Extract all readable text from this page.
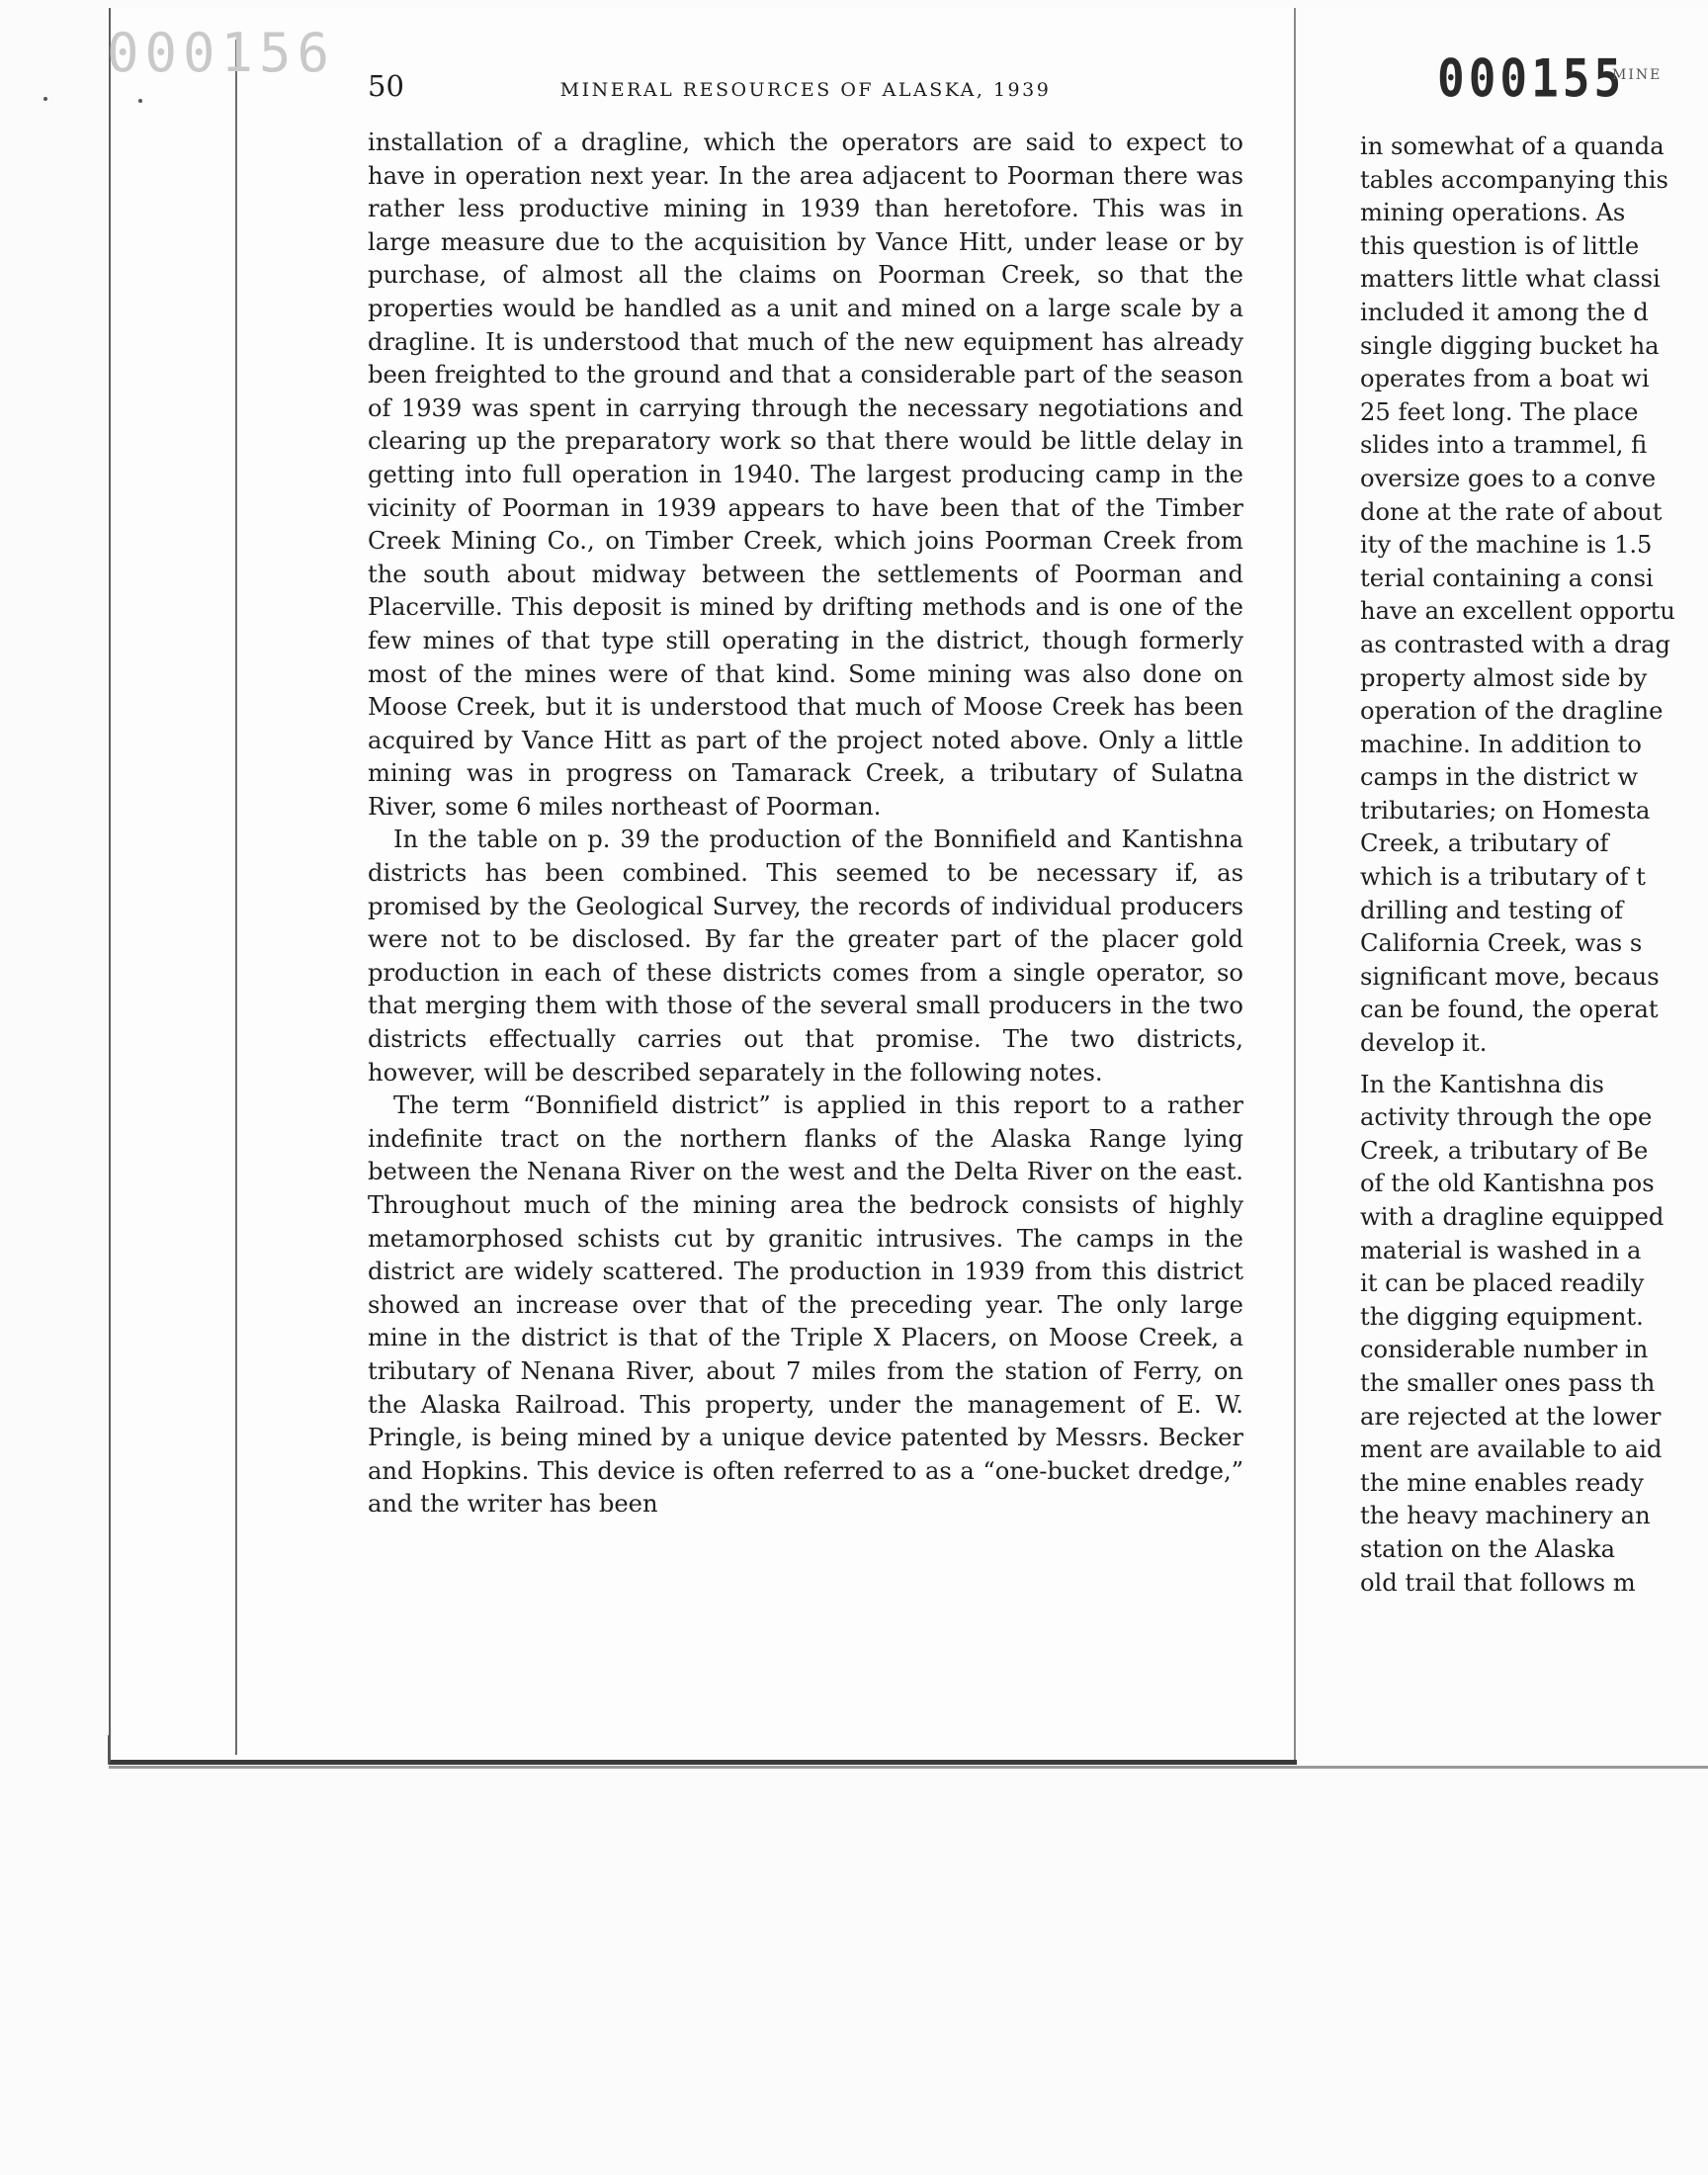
000156
50	MINERAL RESOURCES OF ALASKA, 1939

installation of a dragline, which the operators are said to expect to have in operation next year. In the area adjacent to Poorman there was rather less productive mining in 1939 than heretofore. This was in large measure due to the acquisition by Vance Hitt, under lease or by purchase, of almost all the claims on Poorman Creek, so that the properties would be handled as a unit and mined on a large scale by a dragline. It is understood that much of the new equipment has already been freighted to the ground and that a considerable part of the season of 1939 was spent in carrying through the necessary negotiations and clearing up the preparatory work so that there would be little delay in getting into full operation in 1940. The largest producing camp in the vicinity of Poorman in 1939 appears to have been that of the Timber Creek Mining Co., on Timber Creek, which joins Poorman Creek from the south about midway between the settlements of Poorman and Placerville. This deposit is mined by drifting methods and is one of the few mines of that type still operating in the district, though formerly most of the mines were of that kind. Some mining was also done on Moose Creek, but it is understood that much of Moose Creek has been acquired by Vance Hitt as part of the project noted above. Only a little mining was in progress on Tamarack Creek, a tributary of Sulatna River, some 6 miles northeast of Poorman.

In the table on p. 39 the production of the Bonnifield and Kantishna districts has been combined. This seemed to be necessary if, as promised by the Geological Survey, the records of individual producers were not to be disclosed. By far the greater part of the placer gold production in each of these districts comes from a single operator, so that merging them with those of the several small producers in the two districts effectually carries out that promise. The two districts, however, will be described separately in the following notes.

The term “Bonnifield district” is applied in this report to a rather indefinite tract on the northern flanks of the Alaska Range lying between the Nenana River on the west and the Delta River on the east. Throughout much of the mining area the bedrock consists of highly metamorphosed schists cut by granitic intrusives. The camps in the district are widely scattered. The production in 1939 from this district showed an increase over that of the preceding year. The only large mine in the district is that of the Triple X Placers, on Moose Creek, a tributary of Nenana River, about 7 miles from the station of Ferry, on the Alaska Railroad. This property, under the management of E. W. Pringle, is being mined by a unique device patented by Messrs. Becker and Hopkins. This device is often referred to as a “one-bucket dredge,” and the writer has been

000155
MINE
in somewhat of a quanda
tables accompanying this
mining operations. As
this question is of little
matters little what classi
included it among the d
single digging bucket ha
operates from a boat wi
25 feet long. The place
slides into a trammel, fi
oversize goes to a conve
done at the rate of about
ity of the machine is 1.5
terial containing a consi
have an excellent opportu
as contrasted with a drag
property almost side by
operation of the dragline
machine. In addition to
camps in the district w
tributaries; on Homesta
Creek, a tributary of
which is a tributary of t
drilling and testing of
California Creek, was s
significant move, becaus
can be found, the operat
develop it.
In the Kantishna dis
activity through the ope
Creek, a tributary of Be
of the old Kantishna pos
with a dragline equipped
material is washed in a
it can be placed readily
the digging equipment.
considerable number in
the smaller ones pass th
are rejected at the lower
ment are available to aid
the mine enables ready
the heavy machinery an
station on the Alaska
old trail that follows m
